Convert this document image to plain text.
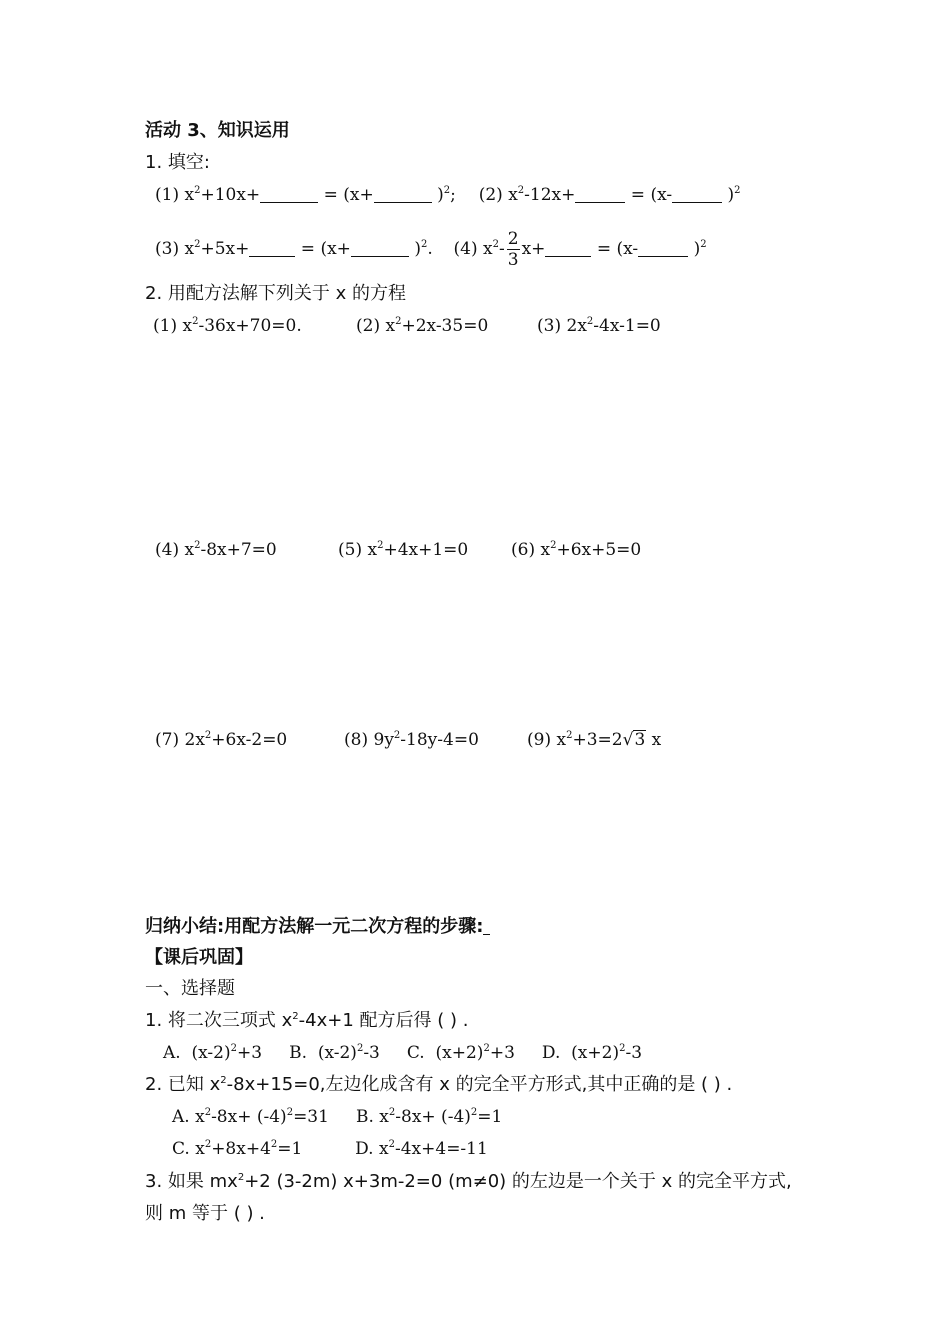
活动 3、知识运用
1. 填空:
(1) $x^2+10x+$	= (x+	)$^2$; (2) $x^2-12x+$	= (x-	)$^2$
(3) $x^2+5x+$	= (x+	)$^2$. (4) $x^2- \frac{2}{3} x+$	= (x-	)$^2$
2. 用配方法解下列关于 x 的方程
(1) $x^2-36x+70=0$.	(2) $x^2+2x-35=0$	(3) $2x^2-4x-1=0$
(4) $x^2-8x+7=0$	(5) $x^2+4x+1=0$	(6) $x^2+6x+5=0$
(7) $2x^2+6x-2=0$	(8) $9y^2-18y-4=0$	(9) $x^2+3=2√3$ x
归纳小结:用配方法解一元二次方程的步骤:
【课后巩固】
一、选择题
1. 将二次三项式 $x^2-4x+1$ 配方后得 ( ) .
A. $(x-2)^2+3$ B. $(x-2)^2-3$ C. $(x+2)^2+3$ D. $(x+2)^2-3$
2. 已知 $x^2-8x+15=0$,左边化成含有 x 的完全平方形式,其中正确的是 ( ) .
A. $x^2-8x+ (-4)^2=31$ B. $x^2-8x+ (-4)^2=1$
C. $x^2+8x+4^2=1$	D. $x^2-4x+4=-11$
3. 如果 $mx^2+2$ (3-2m) x+3m-2=0 (m≠0) 的左边是一个关于 x 的完全平方式,
则 m 等于 ( ) .
